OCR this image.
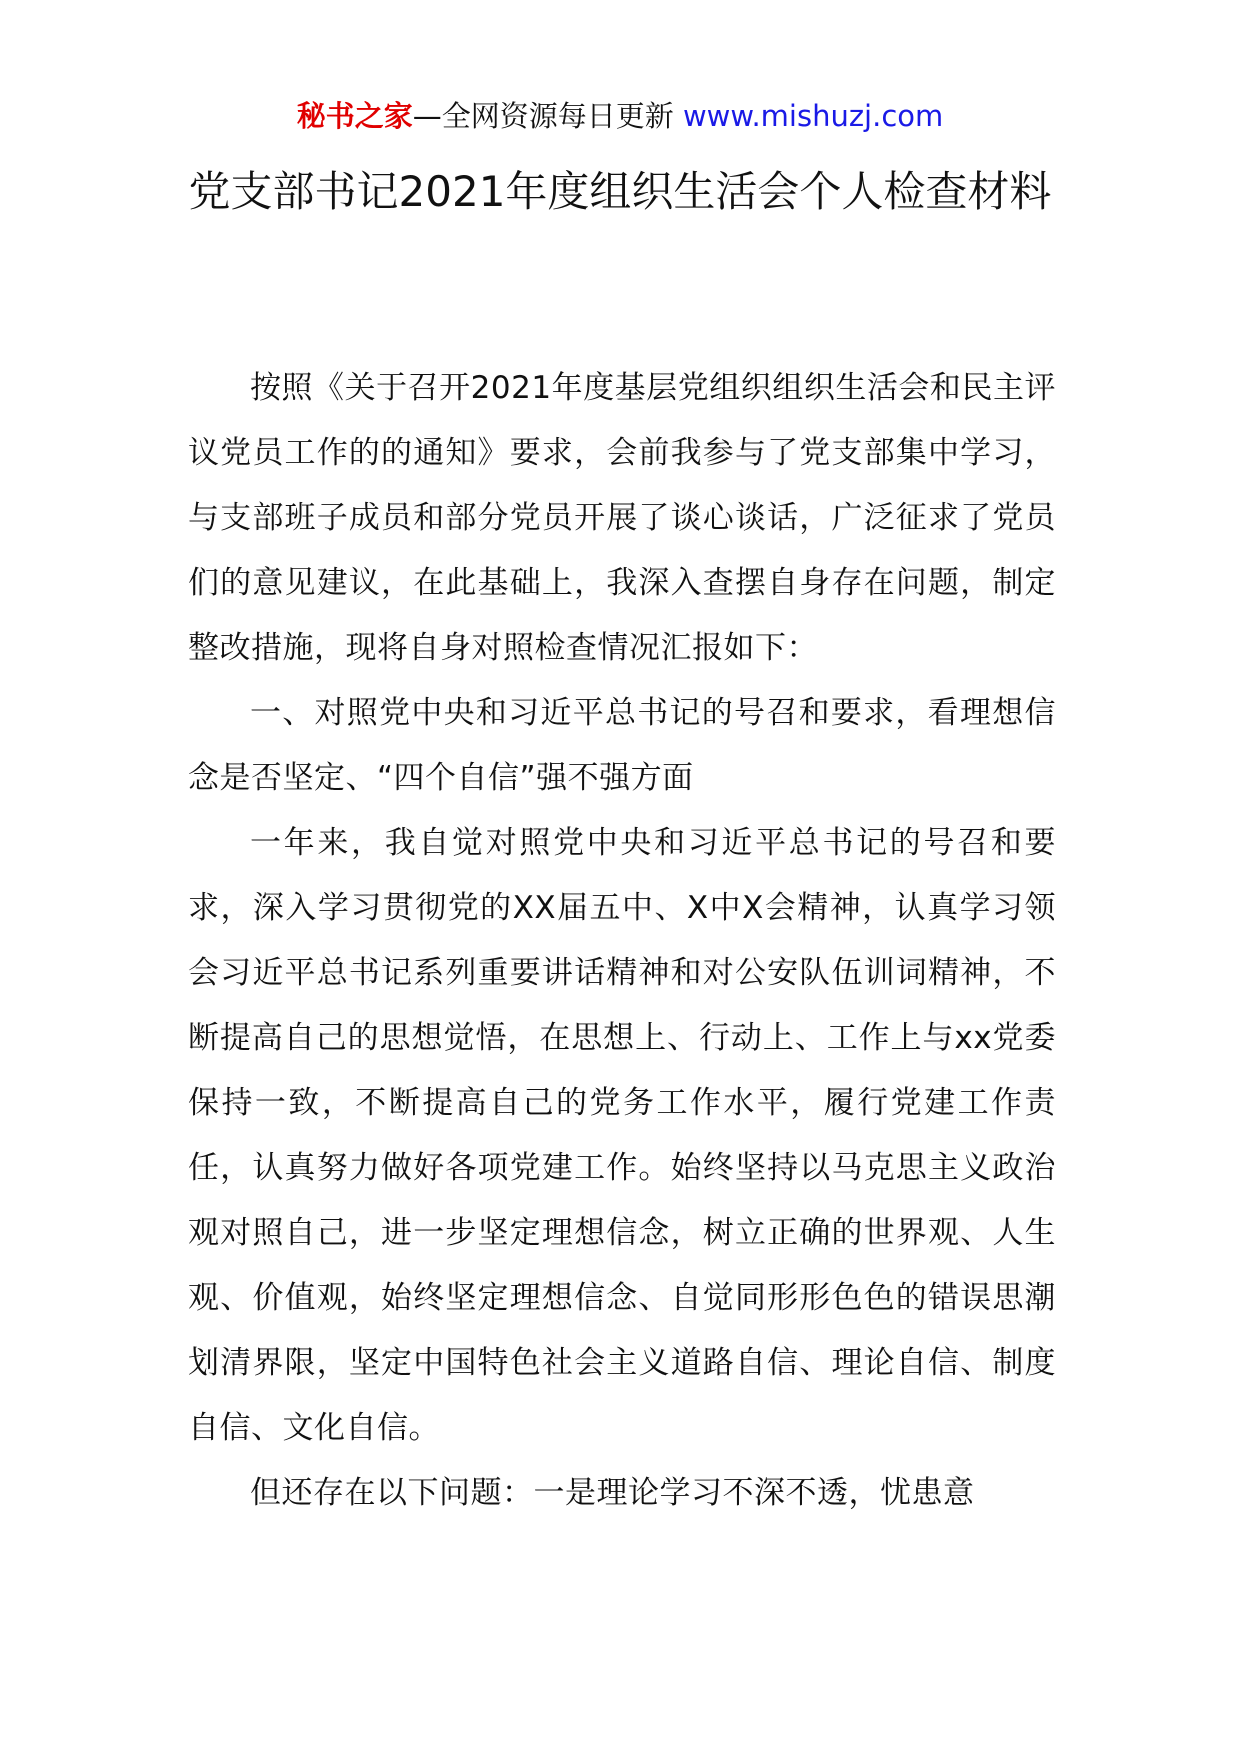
秘书之家—全网资源每日更新 www.mishuzj.com
党支部书记2021年度组织生活会个人检查材料

按照《关于召开2021年度基层党组织组织生活会和民主评议党员工作的的通知》要求，会前我参与了党支部集中学习，与支部班子成员和部分党员开展了谈心谈话，广泛征求了党员们的意见建议，在此基础上，我深入查摆自身存在问题，制定整改措施，现将自身对照检查情况汇报如下：

一、对照党中央和习近平总书记的号召和要求，看理想信念是否坚定、“四个自信”强不强方面

一年来，我自觉对照党中央和习近平总书记的号召和要求，深入学习贯彻党的XX届五中、X中X会精神，认真学习领会习近平总书记系列重要讲话精神和对公安队伍训词精神，不断提高自己的思想觉悟，在思想上、行动上、工作上与xx党委保持一致，不断提高自己的党务工作水平，履行党建工作责任，认真努力做好各项党建工作。始终坚持以马克思主义政治观对照自己，进一步坚定理想信念，树立正确的世界观、人生观、价值观，始终坚定理想信念、自觉同形形色色的错误思潮划清界限，坚定中国特色社会主义道路自信、理论自信、制度自信、文化自信。

但还存在以下问题：一是理论学习不深不透，忧患意
